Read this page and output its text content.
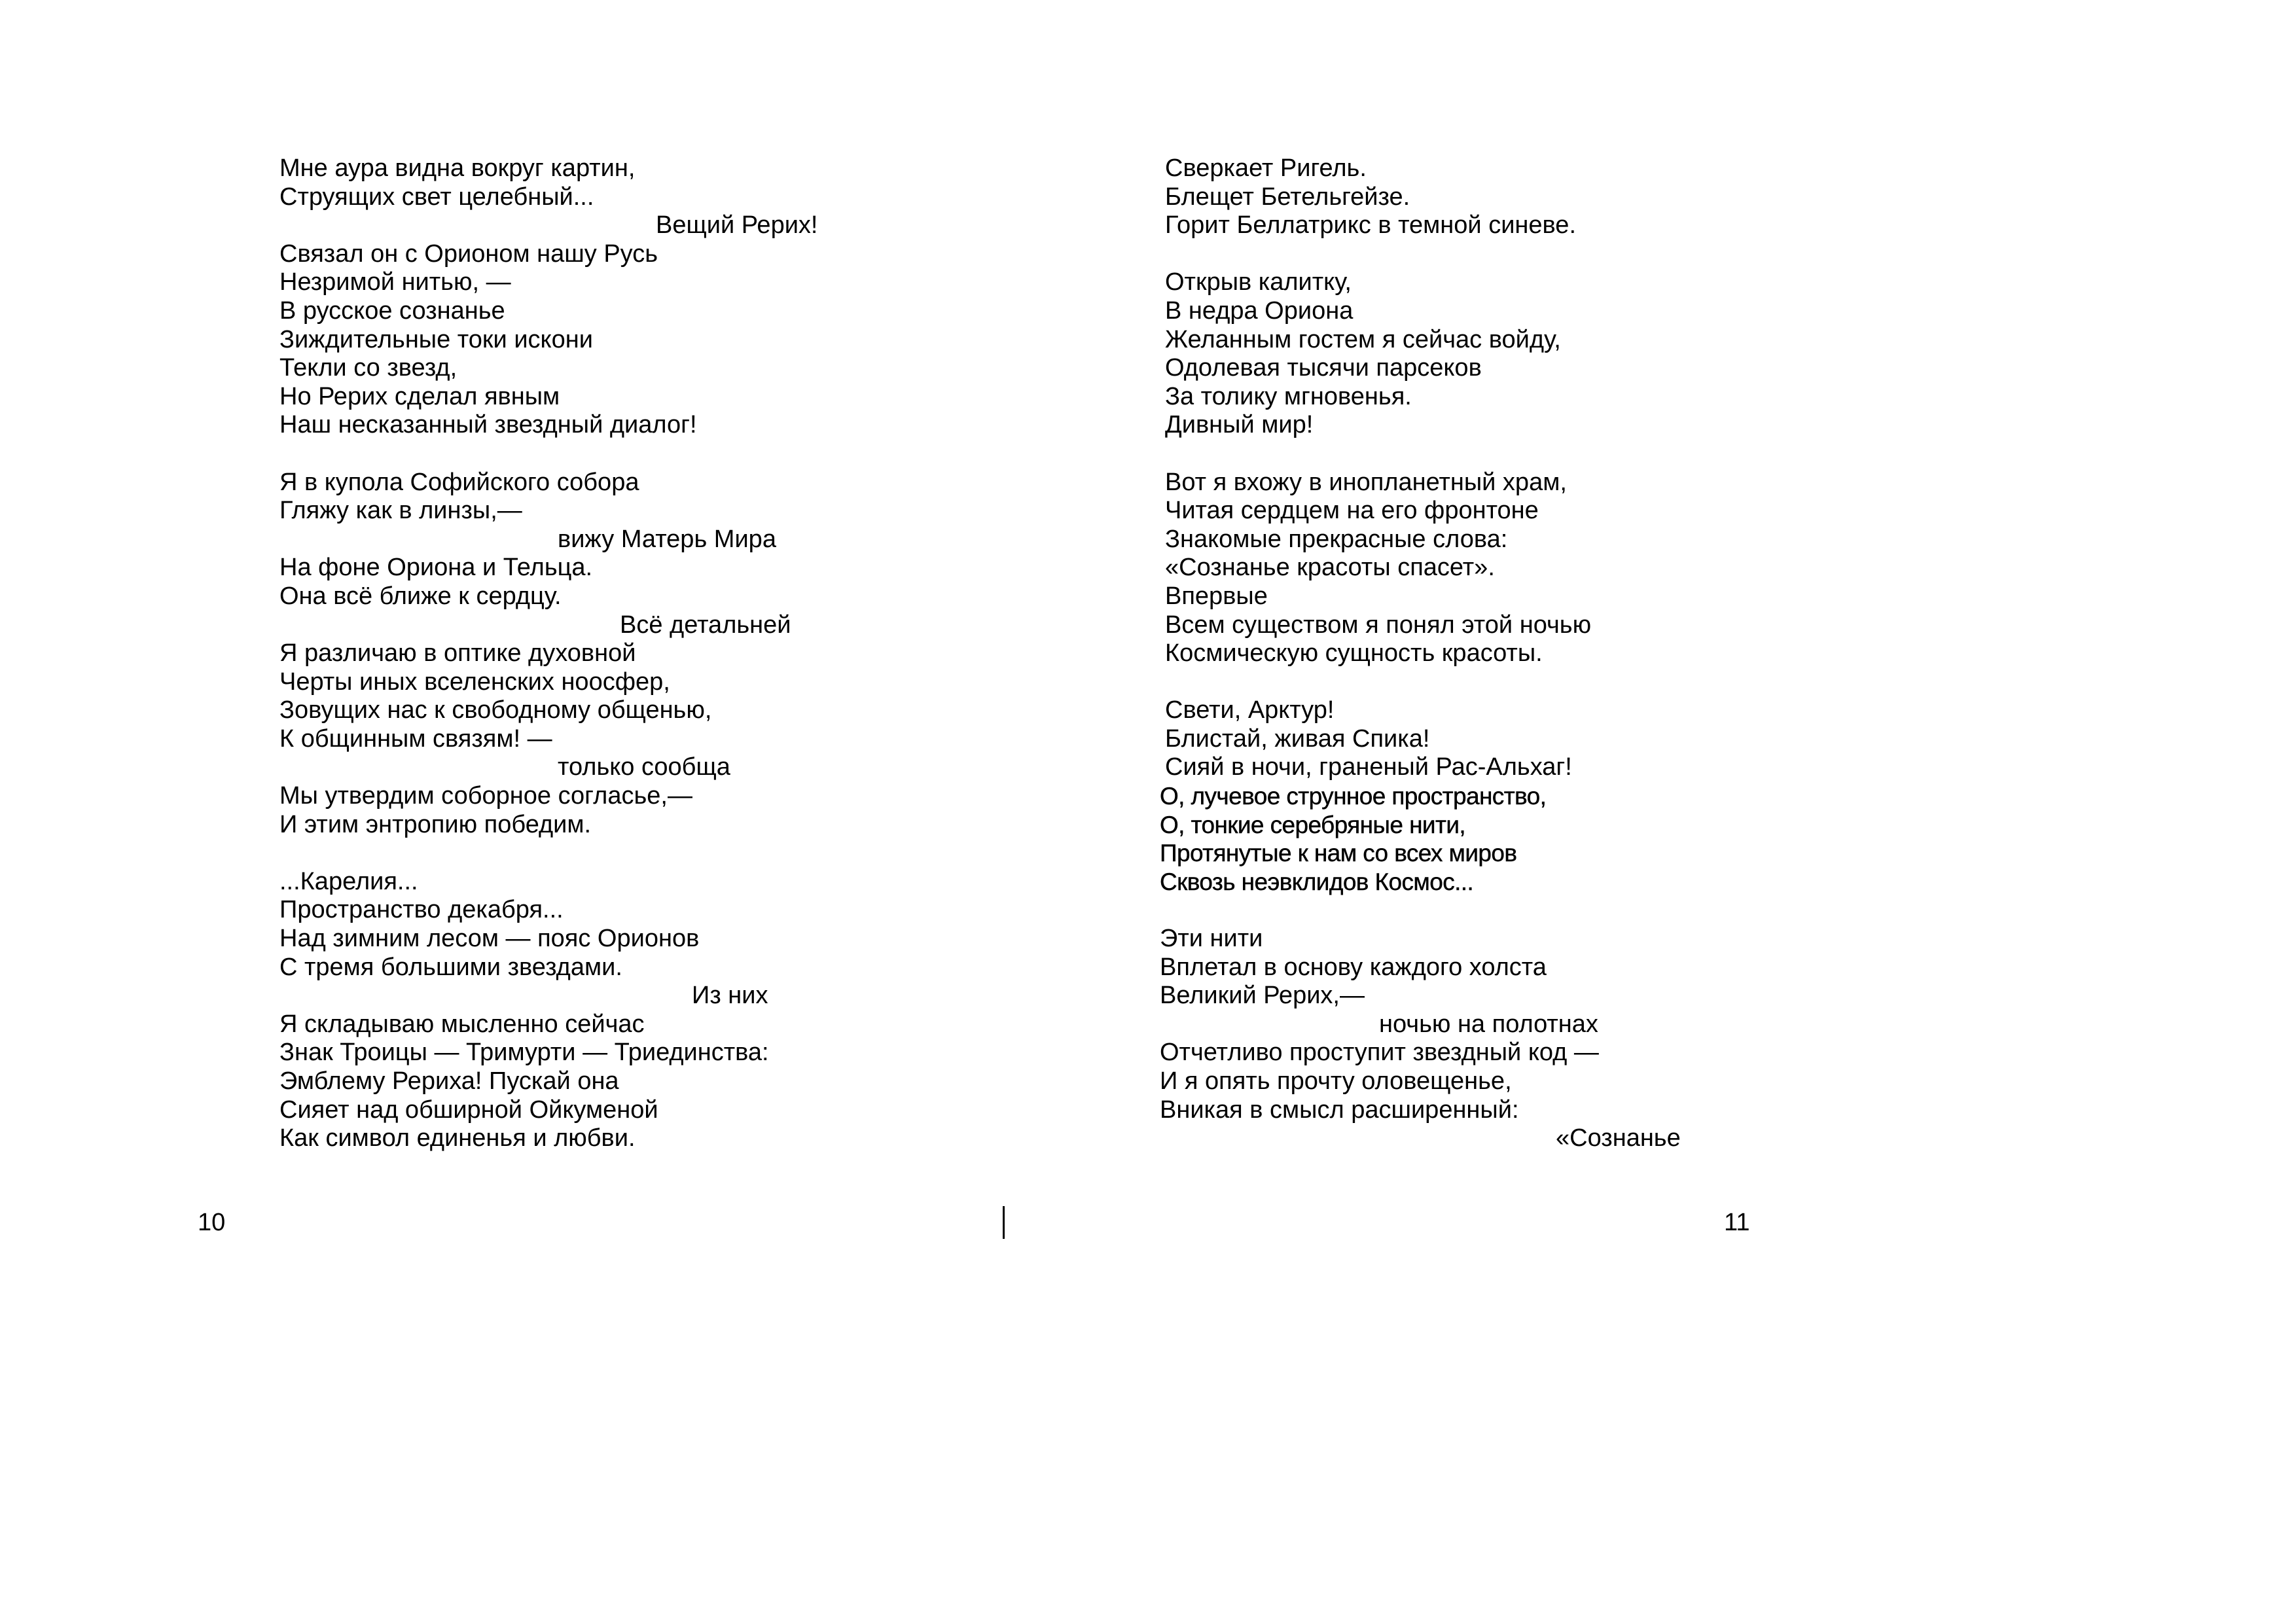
Мне аура видна вокруг картин,
Струящих свет целебный...
Вещий Рерих!
Связал он с Орионом нашу Русь
Незримой нитью, —
В русское сознанье
Зиждительные токи искони
Текли со звезд,
Но Рерих сделал явным
Наш несказанный звездный диалог!
Я в купола Софийского собора
Гляжу как в линзы,—
вижу Матерь Мира
На фоне Ориона и Тельца.
Она всё ближе к сердцу.
Всё детальней
Я различаю в оптике духовной
Черты иных вселенских ноосфер,
Зовущих нас к свободному общенью,
К общинным связям! —
только сообща
Мы утвердим соборное согласье,—
И этим энтропию победим.
...Карелия...
Пространство декабря...
Над зимним лесом — пояс Орионов
С тремя большими звездами.
Из них
Я складываю мысленно сейчас
Знак Троицы — Тримурти — Триединства:
Эмблему Рериха! Пускай она
Сияет над обширной Ойкуменой
Как символ единенья и любви.
Сверкает Ригель.
Блещет Бетельгейзе.
Горит Беллатрикс в темной синеве.
Открыв калитку,
В недра Ориона
Желанным гостем я сейчас войду,
Одолевая тысячи парсеков
За толику мгновенья.
Дивный мир!
Вот я вхожу в инопланетный храм,
Читая сердцем на его фронтоне
Знакомые прекрасные слова:
«Сознанье красоты спасет».
Впервые
Всем существом я понял этой ночью
Космическую сущность красоты.
Свети, Арктур!
Блистай, живая Спика!
Сияй в ночи, граненый Рас-Альхаг!
О, лучевое струнное пространство,
О, тонкие серебряные нити,
Протянутые к нам со всех миров
Сквозь неэвклидов Космос...
Эти нити
Вплетал в основу каждого холста
Великий Рерих,—
ночью на полотнах
Отчетливо проступит звездный код —
И я опять прочту оловещенье,
Вникая в смысл расширенный:
«Сознанье
10	11
